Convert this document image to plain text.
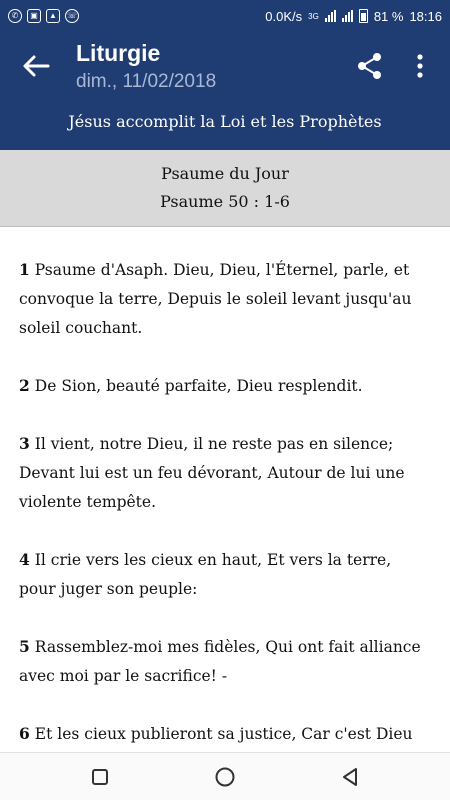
✆	▣	▲	☏	0.0K/s 3G	81 % 18:16
Liturgie
dim., 11/02/2018
Jésus accomplit la Loi et les Prophètes
Psaume du Jour
Psaume 50 : 1-6

1 Psaume d'Asaph. Dieu, Dieu, l'Éternel, parle, et convoque la terre, Depuis le soleil levant jusqu'au soleil couchant.

2 De Sion, beauté parfaite, Dieu resplendit.

3 Il vient, notre Dieu, il ne reste pas en silence; Devant lui est un feu dévorant, Autour de lui une violente tempête.

4 Il crie vers les cieux en haut, Et vers la terre, pour juger son peuple:

5 Rassemblez-moi mes fidèles, Qui ont fait alliance avec moi par le sacrifice! -

6 Et les cieux publieront sa justice, Car c'est Dieu
